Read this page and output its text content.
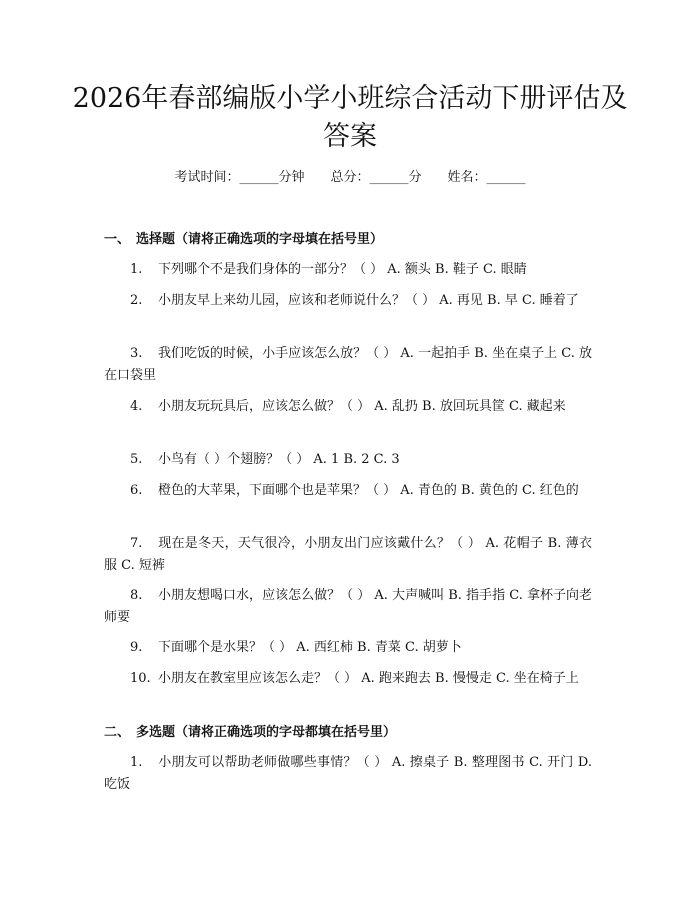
2026年春部编版小学小班综合活动下册评估及答案
考试时间：______分钟 总分：______分 姓名：______
一、 选择题（请将正确选项的字母填在括号里）
1. 下列哪个不是我们身体的一部分？（ ） A. 额头 B. 鞋子 C. 眼睛
2. 小朋友早上来幼儿园，应该和老师说什么？（ ） A. 再见 B. 早 C. 睡着了
3. 我们吃饭的时候，小手应该怎么放？（ ） A. 一起拍手 B. 坐在桌子上 C. 放在口袋里
4. 小朋友玩玩具后，应该怎么做？（ ） A. 乱扔 B. 放回玩具筐 C. 藏起来
5. 小鸟有（ ）个翅膀？（ ） A. 1 B. 2 C. 3
6. 橙色的大苹果，下面哪个也是苹果？（ ） A. 青色的 B. 黄色的 C. 红色的
7. 现在是冬天，天气很冷，小朋友出门应该戴什么？（ ） A. 花帽子 B. 薄衣服 C. 短裤
8. 小朋友想喝口水，应该怎么做？（ ） A. 大声喊叫 B. 指手指 C. 拿杯子向老师要
9. 下面哪个是水果？（ ） A. 西红柿 B. 青菜 C. 胡萝卜
10. 小朋友在教室里应该怎么走？（ ） A. 跑来跑去 B. 慢慢走 C. 坐在椅子上
二、 多选题（请将正确选项的字母都填在括号里）
1. 小朋友可以帮助老师做哪些事情？（ ） A. 擦桌子 B. 整理图书 C. 开门 D. 吃饭
